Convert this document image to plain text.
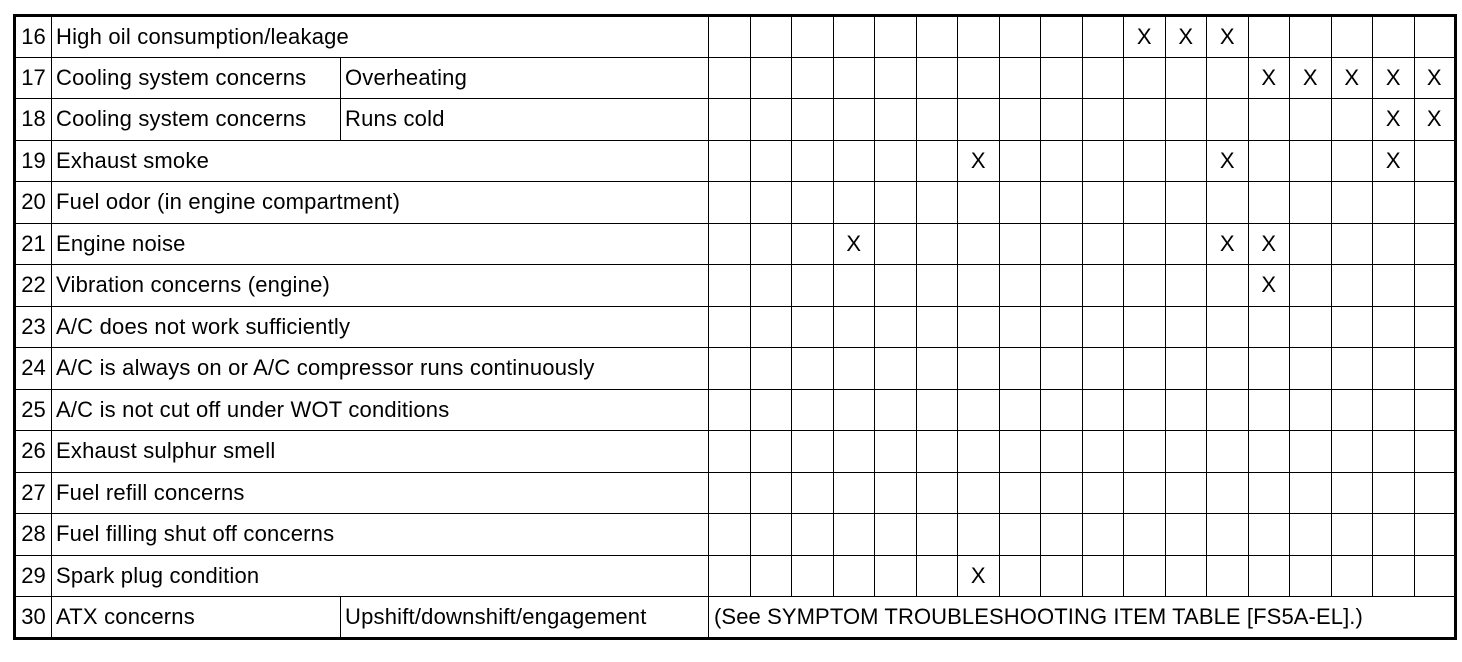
16	High oil consumption/leakage												X	X	X					
17	Cooling system concerns	Overheating														X	X	X	X	X
18	Cooling system concerns	Runs cold																	X	X
19	Exhaust smoke								X						X				X	
20	Fuel odor (in engine compartment)																			
21	Engine noise					X									X	X				
22	Vibration concerns (engine)															X				
23	A/C does not work sufficiently																			
24	A/C is always on or A/C compressor runs continuously																			
25	A/C is not cut off under WOT conditions																			
26	Exhaust sulphur smell																			
27	Fuel refill concerns																			
28	Fuel filling shut off concerns																			
29	Spark plug condition								X											
30	ATX concerns	Upshift/downshift/engagement	(See SYMPTOM TROUBLESHOOTING ITEM TABLE [FS5A-EL].)																	
